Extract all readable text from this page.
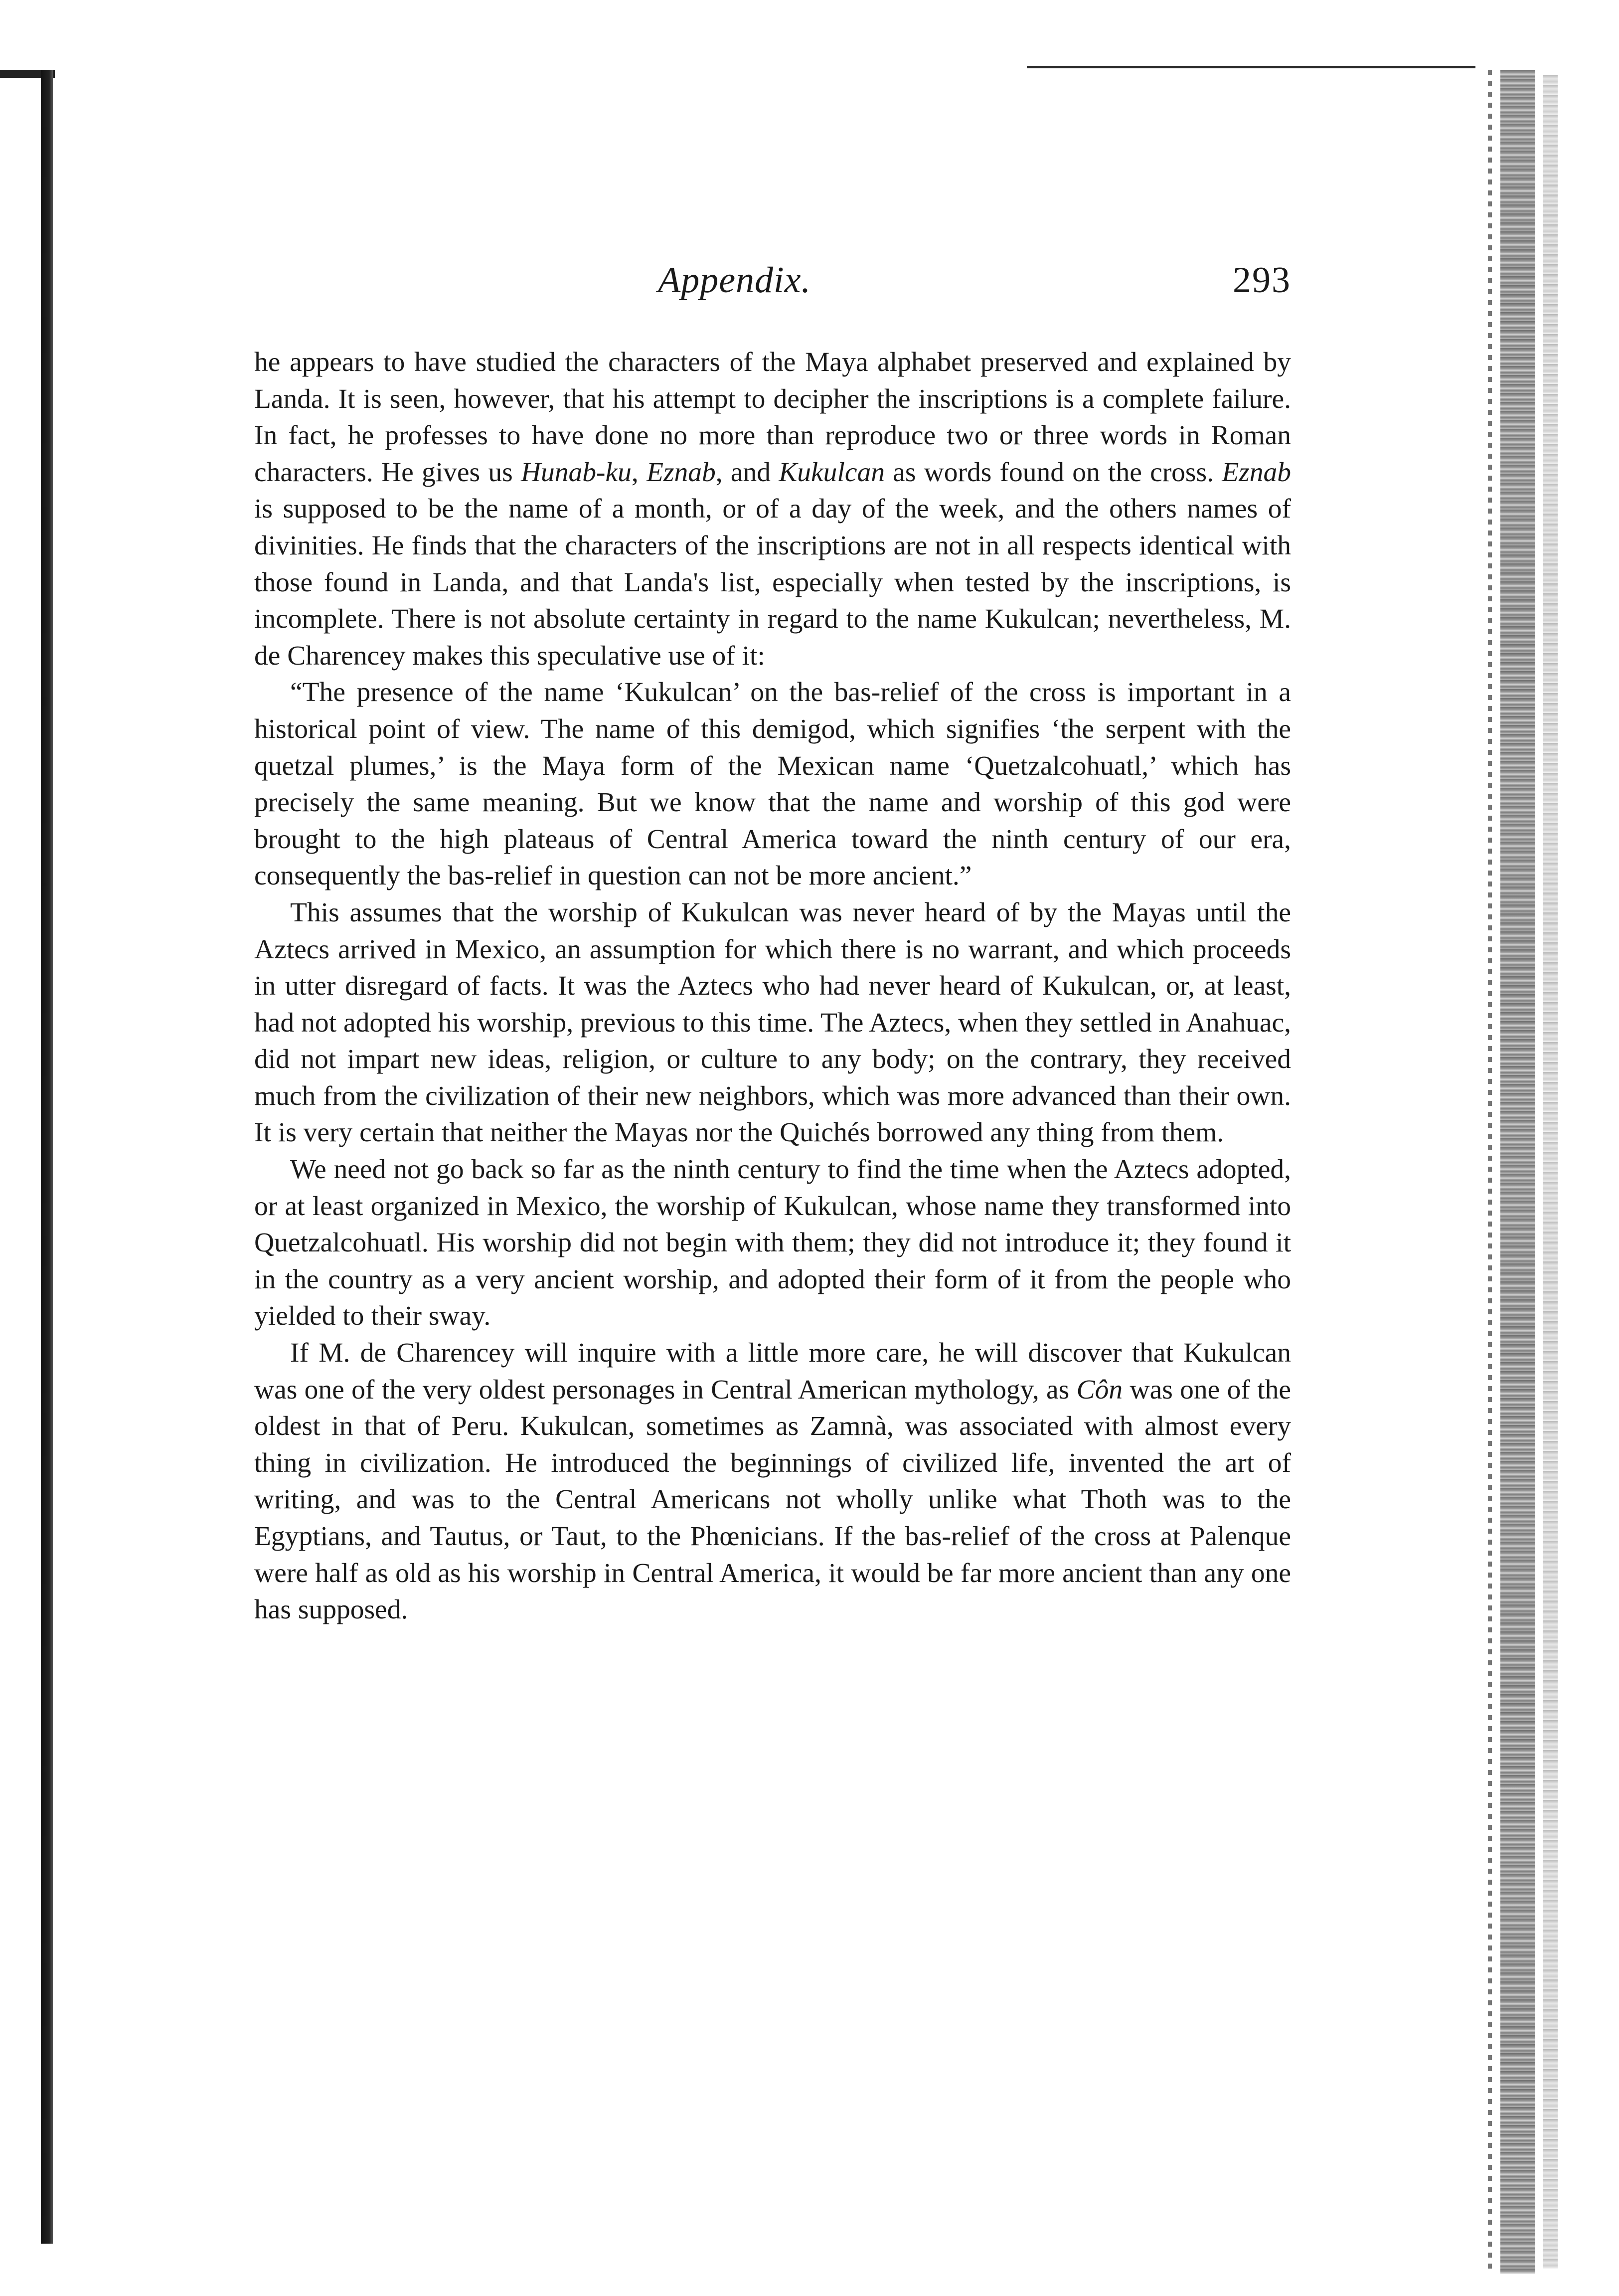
Appendix.	293

he appears to have studied the characters of the Maya alphabet preserved and explained by Landa. It is seen, however, that his attempt to decipher the inscriptions is a complete failure. In fact, he professes to have done no more than reproduce two or three words in Roman characters. He gives us Hunab-ku, Eznab, and Kukulcan as words found on the cross. Eznab is supposed to be the name of a month, or of a day of the week, and the others names of divinities. He finds that the characters of the inscriptions are not in all respects identical with those found in Landa, and that Landa's list, especially when tested by the inscriptions, is incomplete. There is not absolute certainty in regard to the name Kukulcan; nevertheless, M. de Charencey makes this speculative use of it:

“The presence of the name ‘Kukulcan’ on the bas-relief of the cross is important in a historical point of view. The name of this demigod, which signifies ‘the serpent with the quetzal plumes,’ is the Maya form of the Mexican name ‘Quetzalcohuatl,’ which has precisely the same meaning. But we know that the name and worship of this god were brought to the high plateaus of Central America toward the ninth century of our era, consequently the bas-relief in question can not be more ancient.”

This assumes that the worship of Kukulcan was never heard of by the Mayas until the Aztecs arrived in Mexico, an assumption for which there is no warrant, and which proceeds in utter disregard of facts. It was the Aztecs who had never heard of Kukulcan, or, at least, had not adopted his worship, previous to this time. The Aztecs, when they settled in Anahuac, did not impart new ideas, religion, or culture to any body; on the contrary, they received much from the civilization of their new neighbors, which was more advanced than their own. It is very certain that neither the Mayas nor the Quichés borrowed any thing from them.

We need not go back so far as the ninth century to find the time when the Aztecs adopted, or at least organized in Mexico, the worship of Kukulcan, whose name they transformed into Quetzalcohuatl. His worship did not begin with them; they did not introduce it; they found it in the country as a very ancient worship, and adopted their form of it from the people who yielded to their sway.

If M. de Charencey will inquire with a little more care, he will discover that Kukulcan was one of the very oldest personages in Central American mythology, as Côn was one of the oldest in that of Peru. Kukulcan, sometimes as Zamnà, was associated with almost every thing in civilization. He introduced the beginnings of civilized life, invented the art of writing, and was to the Central Americans not wholly unlike what Thoth was to the Egyptians, and Tautus, or Taut, to the Phœnicians. If the bas-relief of the cross at Palenque were half as old as his worship in Central America, it would be far more ancient than any one has supposed.
